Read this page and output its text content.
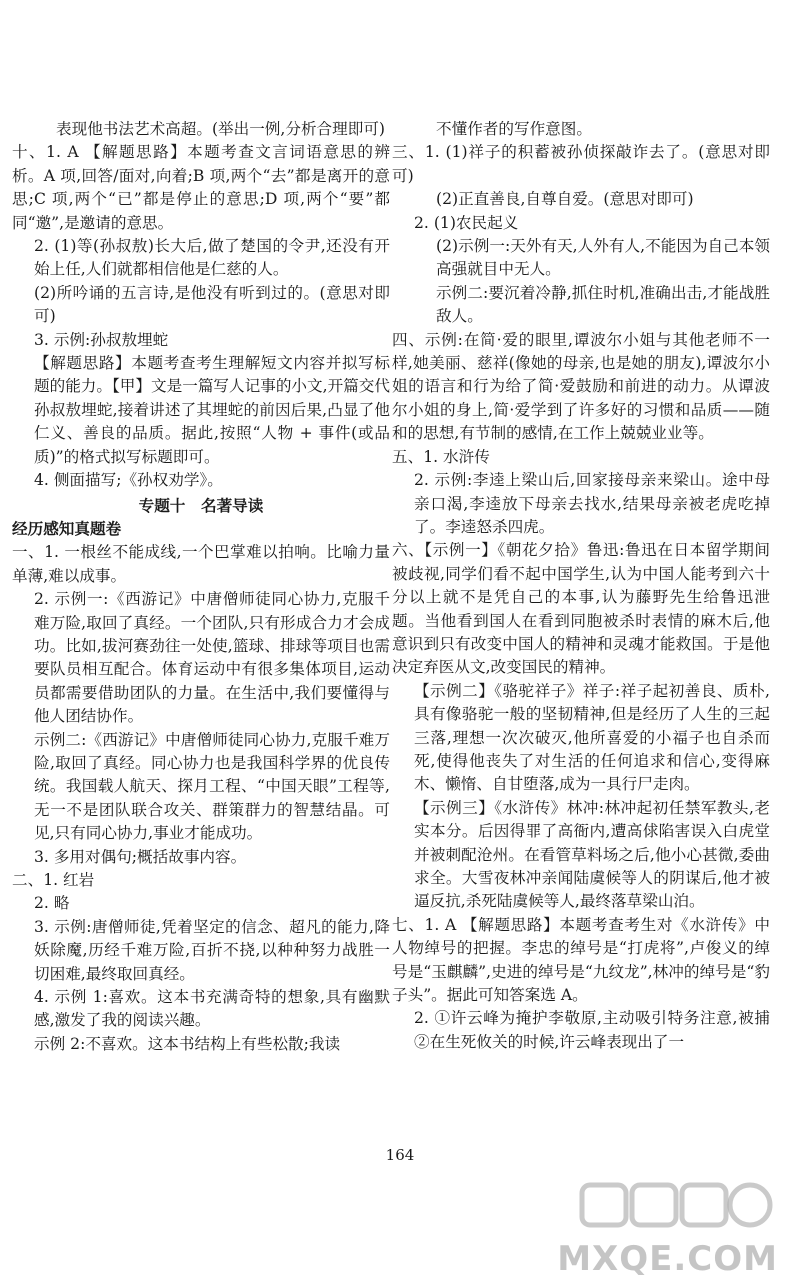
表现他书法艺术高超。(举出一例,分析合理即可)

十、1. A 【解题思路】本题考查文言词语意思的辨析。A 项,回答/面对,向着;B 项,两个“去”都是离开的意思;C 项,两个“已”都是停止的意思;D 项,两个“要”都同“邀”,是邀请的意思。

2. (1)等(孙叔敖)长大后,做了楚国的令尹,还没有开始上任,人们就都相信他是仁慈的人。

(2)所吟诵的五言诗,是他没有听到过的。(意思对即可)

3. 示例:孙叔敖埋蛇

【解题思路】本题考查考生理解短文内容并拟写标题的能力。【甲】文是一篇写人记事的小文,开篇交代孙叔敖埋蛇,接着讲述了其埋蛇的前因后果,凸显了他仁义、善良的品质。据此,按照“人物 + 事件(或品质)”的格式拟写标题即可。

4. 侧面描写;《孙权劝学》。

专题十　名著导读

经历感知真题卷

一、1. 一根丝不能成线,一个巴掌难以拍响。比喻力量单薄,难以成事。

2. 示例一:《西游记》中唐僧师徒同心协力,克服千难万险,取回了真经。一个团队,只有形成合力才会成功。比如,拔河赛劲往一处使,篮球、排球等项目也需要队员相互配合。体育运动中有很多集体项目,运动员都需要借助团队的力量。在生活中,我们要懂得与他人团结协作。

示例二:《西游记》中唐僧师徒同心协力,克服千难万险,取回了真经。同心协力也是我国科学界的优良传统。我国载人航天、探月工程、“中国天眼”工程等,无一不是团队联合攻关、群策群力的智慧结晶。可见,只有同心协力,事业才能成功。

3. 多用对偶句;概括故事内容。

二、1. 红岩

2. 略

3. 示例:唐僧师徒,凭着坚定的信念、超凡的能力,降妖除魔,历经千难万险,百折不挠,以种种努力战胜一切困难,最终取回真经。

4. 示例 1:喜欢。这本书充满奇特的想象,具有幽默感,激发了我的阅读兴趣。

示例 2:不喜欢。这本书结构上有些松散;我读

不懂作者的写作意图。

三、1. (1)祥子的积蓄被孙侦探敲诈去了。(意思对即可)

(2)正直善良,自尊自爱。(意思对即可)

2. (1)农民起义

(2)示例一:天外有天,人外有人,不能因为自己本领高强就目中无人。

示例二:要沉着冷静,抓住时机,准确出击,才能战胜敌人。

四、示例:在简·爱的眼里,谭波尔小姐与其他老师不一样,她美丽、慈祥(像她的母亲,也是她的朋友),谭波尔小姐的语言和行为给了简·爱鼓励和前进的动力。从谭波尔小姐的身上,简·爱学到了许多好的习惯和品质——随和的思想,有节制的感情,在工作上兢兢业业等。

五、1. 水浒传

2. 示例:李逵上梁山后,回家接母亲来梁山。途中母亲口渴,李逵放下母亲去找水,结果母亲被老虎吃掉了。李逵怒杀四虎。

六、【示例一】《朝花夕拾》鲁迅:鲁迅在日本留学期间被歧视,同学们看不起中国学生,认为中国人能考到六十分以上就不是凭自己的本事,认为藤野先生给鲁迅泄题。当他看到国人在看到同胞被杀时表情的麻木后,他意识到只有改变中国人的精神和灵魂才能救国。于是他决定弃医从文,改变国民的精神。

【示例二】《骆驼祥子》祥子:祥子起初善良、质朴,具有像骆驼一般的坚韧精神,但是经历了人生的三起三落,理想一次次破灭,他所喜爱的小福子也自杀而死,使得他丧失了对生活的任何追求和信心,变得麻木、懒惰、自甘堕落,成为一具行尸走肉。

【示例三】《水浒传》林冲:林冲起初任禁军教头,老实本分。后因得罪了高衙内,遭高俅陷害误入白虎堂并被刺配沧州。在看管草料场之后,他小心甚微,委曲求全。大雪夜林冲亲闻陆虞候等人的阴谋后,他才被逼反抗,杀死陆虞候等人,最终落草梁山泊。

七、1. A 【解题思路】本题考查考生对《水浒传》中人物绰号的把握。李忠的绰号是“打虎将”,卢俊义的绰号是“玉麒麟”,史进的绰号是“九纹龙”,林冲的绰号是“豹子头”。据此可知答案选 A。

2. ①许云峰为掩护李敬原,主动吸引特务注意,被捕　②在生死攸关的时候,许云峰表现出了一

164
MXQE.COM
